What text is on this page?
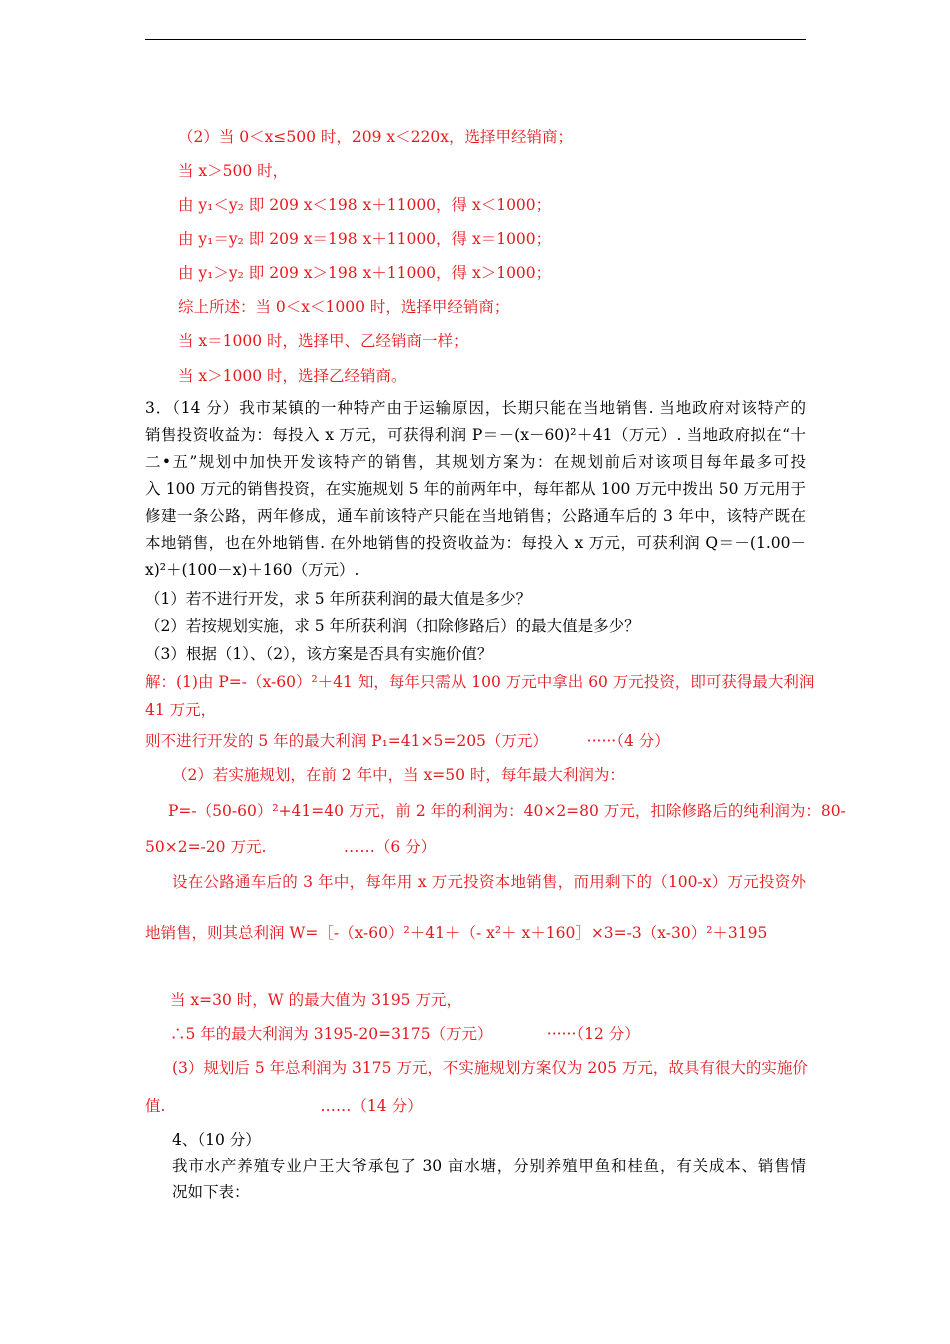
（2）当 0＜x≤500 时，209 x＜220x，选择甲经销商；
当 x＞500 时，
由 y₁＜y₂ 即 209 x＜198 x＋11000，得 x＜1000；
由 y₁＝y₂ 即 209 x＝198 x＋11000，得 x＝1000；
由 y₁＞y₂ 即 209 x＞198 x＋11000，得 x＞1000；
综上所述：当 0＜x＜1000 时，选择甲经销商；
当 x＝1000 时，选择甲、乙经销商一样；
当 x＞1000 时，选择乙经销商。
3．（14 分）我市某镇的一种特产由于运输原因，长期只能在当地销售. 当地政府对该特产的
销售投资收益为：每投入 x 万元，可获得利润 P＝－(x－60)²＋41（万元）. 当地政府拟在“十
二•五”规划中加快开发该特产的销售，其规划方案为：在规划前后对该项目每年最多可投
入 100 万元的销售投资，在实施规划 5 年的前两年中，每年都从 100 万元中拨出 50 万元用于
修建一条公路，两年修成，通车前该特产只能在当地销售；公路通车后的 3 年中，该特产既在
本地销售，也在外地销售. 在外地销售的投资收益为：每投入 x 万元，可获利润 Q＝－(1.00－
x)²＋(100－x)＋160（万元）.
（1）若不进行开发，求 5 年所获利润的最大值是多少？
（2）若按规划实施，求 5 年所获利润（扣除修路后）的最大值是多少？
（3）根据（1）、（2），该方案是否具有实施价值？
解：(1)由 P=-（x-60）²＋41 知，每年只需从 100 万元中拿出 60 万元投资，即可获得最大利润
41 万元，
则不进行开发的 5 年的最大利润 P₁=41×5=205（万元）　　　······（4 分）
（2）若实施规划，在前 2 年中，当 x=50 时，每年最大利润为：
P=-（50-60）²+41=40 万元，前 2 年的利润为：40×2=80 万元，扣除修路后的纯利润为：80-
50×2=-20 万元.　　　　　……（6 分）
设在公路通车后的 3 年中，每年用 x 万元投资本地销售，而用剩下的（100-x）万元投资外
地销售，则其总利润 W=［-（x-60）²＋41＋（- x²＋ x＋160］×3=-3（x-30）²＋3195
当 x=30 时，W 的最大值为 3195 万元，
∴5 年的最大利润为 3195-20=3175（万元）　　　　······（12 分）
(3）规划后 5 年总利润为 3175 万元，不实施规划方案仅为 205 万元，故具有很大的实施价
值.　　　　　　　　　　……（14 分）
4、（10 分）
我市水产养殖专业户王大爷承包了 30 亩水塘，分别养殖甲鱼和桂鱼，有关成本、销售情
况如下表：
